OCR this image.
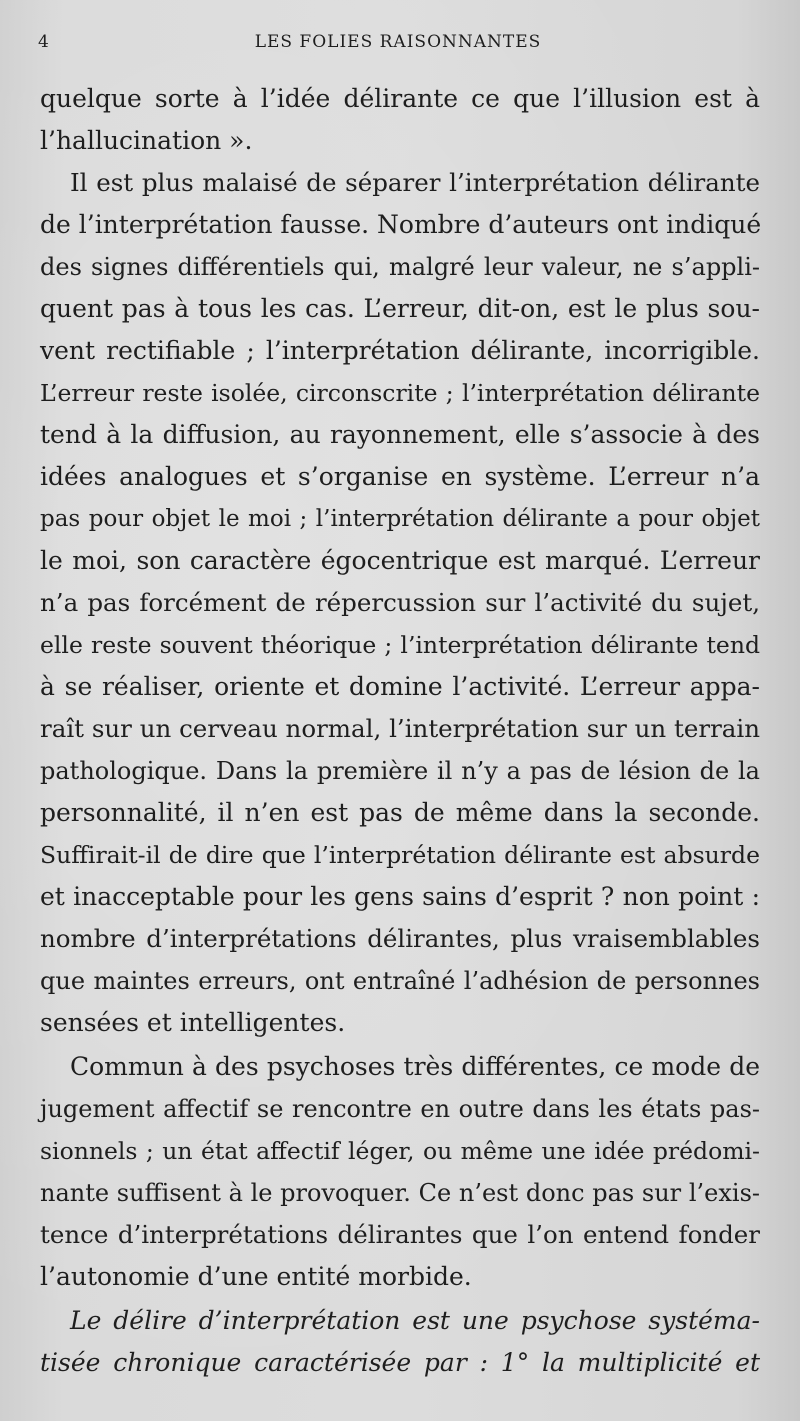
4	LES FOLIES RAISONNANTES
quelque sorte à l’idée délirante ce que l’illusion est à
l’hallucination ».
Il est plus malaisé de séparer l’interprétation délirante
de l’interprétation fausse. Nombre d’auteurs ont indiqué
des signes différentiels qui, malgré leur valeur, ne s’appli-
quent pas à tous les cas. L’erreur, dit-on, est le plus sou-
vent rectifiable ; l’interprétation délirante, incorrigible.
L’erreur reste isolée, circonscrite ; l’interprétation délirante
tend à la diffusion, au rayonnement, elle s’associe à des
idées analogues et s’organise en système. L’erreur n’a
pas pour objet le moi ; l’interprétation délirante a pour objet
le moi, son caractère égocentrique est marqué. L’erreur
n’a pas forcément de répercussion sur l’activité du sujet,
elle reste souvent théorique ; l’interprétation délirante tend
à se réaliser, oriente et domine l’activité. L’erreur appa-
raît sur un cerveau normal, l’interprétation sur un terrain
pathologique. Dans la première il n’y a pas de lésion de la
personnalité, il n’en est pas de même dans la seconde.
Suffirait-il de dire que l’interprétation délirante est absurde
et inacceptable pour les gens sains d’esprit ? non point :
nombre d’interprétations délirantes, plus vraisemblables
que maintes erreurs, ont entraîné l’adhésion de personnes
sensées et intelligentes.
Commun à des psychoses très différentes, ce mode de
jugement affectif se rencontre en outre dans les états pas-
sionnels ; un état affectif léger, ou même une idée prédomi-
nante suffisent à le provoquer. Ce n’est donc pas sur l’exis-
tence d’interprétations délirantes que l’on entend fonder
l’autonomie d’une entité morbide.
Le délire d’interprétation est une psychose systéma-
tisée chronique caractérisée par : 1° la multiplicité et
